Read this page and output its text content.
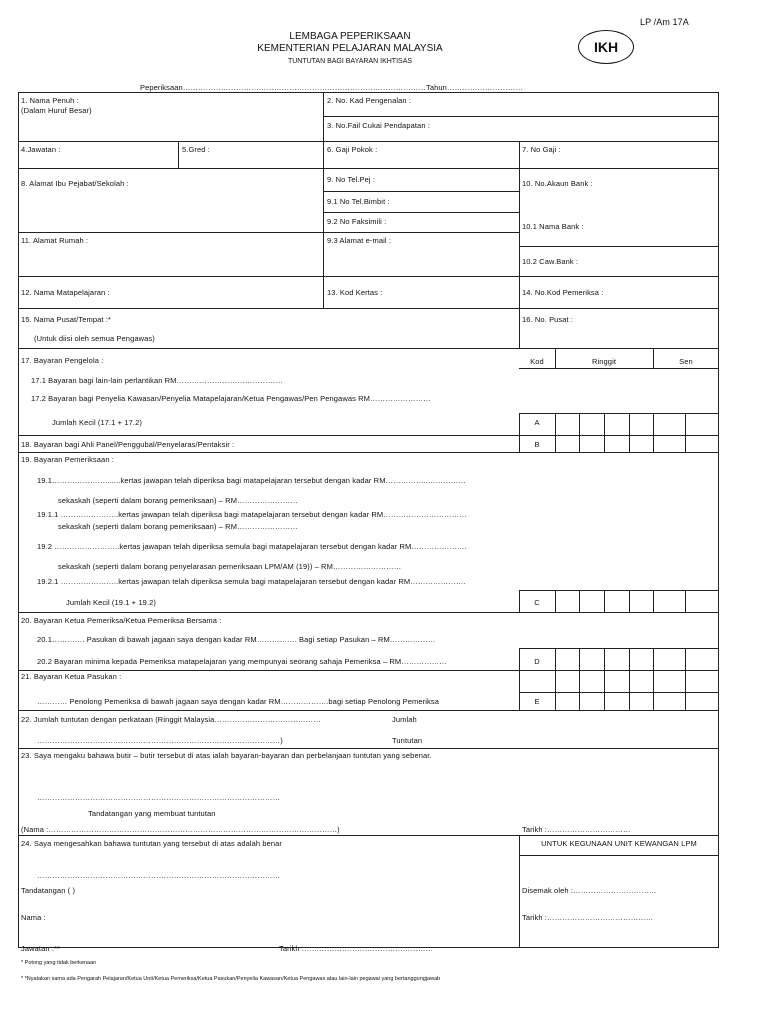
LP /Am 17A
LEMBAGA PEPERIKSAAN
KEMENTERIAN PELAJARAN MALAYSIA
TUNTUTAN BAGI BAYARAN IKHTISAS
IKH
Peperiksaan……………………………………………………………………………………Tahun…………………………
1. Nama Penuh :
(Dalam Huruf Besar)
2. No. Kad Pengenalan :
3. No.Fail Cukai Pendapatan :
4.Jawatan :	5.Gred :	6. Gaji Pokok :	7. No Gaji :
8. Alamat Ibu Pejabat/Sekolah :	9. No Tel.Pej :
9.1 No Tel.Bimbit :
9.2 No Faksimili :
10. No.Akaun Bank :
11. Alamat Rumah :	9.3 Alamat e-mail :
10.1 Nama Bank :
10.2 Caw.Bank :
12. Nama Matapelajaran :	13. Kod Kertas :	14. No.Kod Pemeriksa :
15. Nama Pusat/Tempat :*
(Untuk diisi oleh semua Pengawas)
16. No. Pusat :
17. Bayaran Pengelola :	Kod	Ringgit	Sen
17.1 Bayaran bagi lain-lain perlantikan RM……………………………………
17.2 Bayaran bagi Penyelia Kawasan/Penyelia Matapelajaran/Ketua Pengawas/Pen Pengawas RM……………………
Jumlah Kecil (17.1 + 17.2)	A
18. Bayaran bagi Ahli Panel/Penggubal/Penyelaras/Pentaksir :	B
19. Bayaran Pemeriksaan :
19.1………………….......kertas jawapan telah diperiksa bagi matapelajaran tersebut dengan kadar RM……………..……………
sekaskah (seperti dalam borang pemeriksaan) – RM……………………
19.1.1 …………………..kertas jawapan telah diperiksa bagi matapelajaran tersebut dengan kadar RM……………………………
sekaskah (seperti dalam borang pemeriksaan) – RM……………………
19.2 ……………………..kertas jawapan telah diperiksa semula bagi matapelajaran tersebut dengan kadar RM………………….
sekaskah (seperti dalam borang penyelarasan pemeriksaan LPM/AM (19)) – RM………………………
19.2.1 …………………..kertas jawapan telah diperiksa semula bagi matapelajaran tersebut dengan kadar RM………………….
Jumlah Kecil (19.1 + 19.2)	C
20. Bayaran Ketua Pemeriksa/Ketua Pemeriksa Bersama :
20.1…………. Pasukan di bawah jagaan saya dengan kadar RM……………. Bagi setiap Pasukan – RM………………
20.2 Bayaran minima kepada Pemeriksa matapelajaran yang mempunyai seorang sahaja Pemeriksa – RM………………	D
21. Bayaran Ketua Pasukan :
………… Penolong Pemeriksa di bawah jagaan saya dengan kadar RM……………….bagi setiap Penolong Pemeriksa	E
22. Jumlah tuntutan dengan perkataan (Ringgit Malaysia……………………………………	Jumlah
……………………………………………………………………………………)	Tuntutan
23. Saya mengaku bahawa butir – butir tersebut di atas ialah bayaran-bayaran dan perbelanjaan tuntutan yang sebenar.
……………………………………………………………………………………
Tandatangan yang membuat tuntutan
(Nama :……………………………………………………………………………………………………)	Tarikh :……………………………
24. Saya mengesahkan bahawa tuntutan yang tersebut di atas adalah benar	UNTUK KEGUNAAN UNIT KEWANGAN LPM
……………………………………………………………………………………
Tandatangan ( )	Disemak oleh :……………………………
Nama :	Tarikh :……………………………………
Jawatan :**	Tarikh :……………………………………………
* Potong yang tidak berkenaan
* *Nyatakan sama ada Pengarah Pelajaran/Ketua Unit/Ketua Pemeriksa/Ketua Pasukan/Penyelia Kawasan/Ketua Pengawas atau lain-lain pegawai yang bertanggungjawab
